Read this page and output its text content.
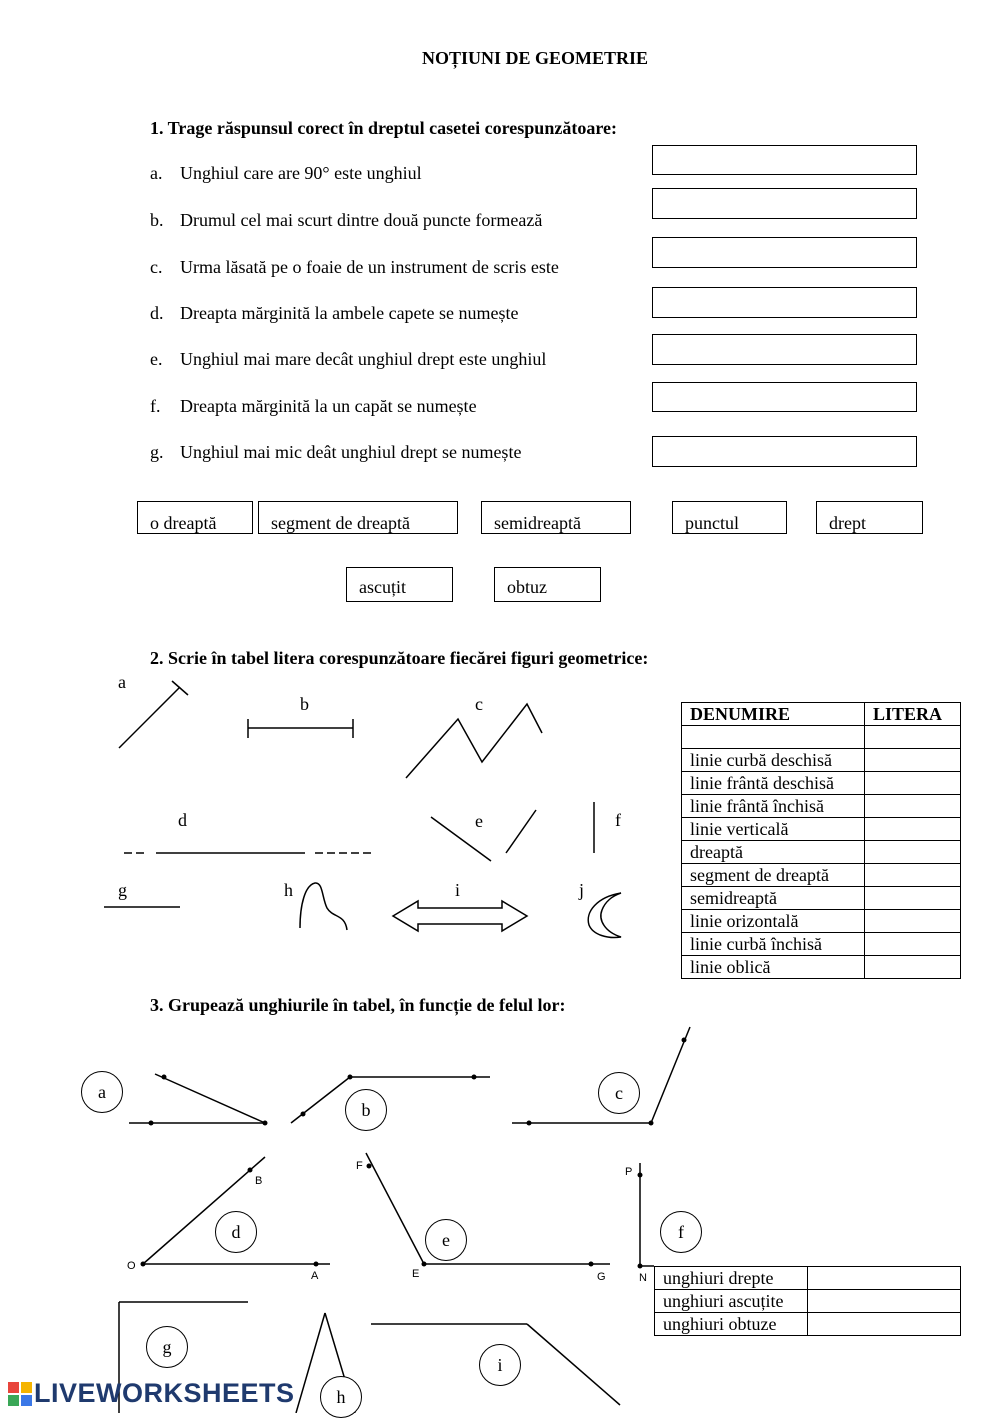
NOȚIUNI DE GEOMETRIE
1. Trage răspunsul corect în dreptul casetei corespunzătoare:
a. Unghiul care are 90° este unghiul
b. Drumul cel mai scurt dintre două puncte formează
c. Urma lăsată pe o foaie de un instrument de scris este
d. Dreapta mărginită la ambele capete se numește
e. Unghiul mai mare decât unghiul drept este unghiul
f. Dreapta mărginită la un capăt se numește
g. Unghiul mai mic deât unghiul drept se numește
o dreaptă	segment de dreaptă	semidreaptă	punctul	drept
ascuțit	obtuz
2. Scrie în tabel litera corespunzătoare fiecărei figuri geometrice:
a
b	c
d	e	f
g	h	i	j
DENUMIRE	LITERA

linie curbă deschisă	
linie frântă deschisă	
linie frântă închisă	
linie verticală	
dreaptă	
segment de dreaptă	
semidreaptă	
linie orizontală	
linie curbă închisă	
linie oblică	
3. Grupează unghiurile în tabel, în funcție de felul lor:
a
b
c
d	e	f
g
h
i
B
O
A
F
E	G
P
N unghiuri drepte	
unghiuri ascuțite	
unghiuri obtuze	
LIVEWORKSHEETS
